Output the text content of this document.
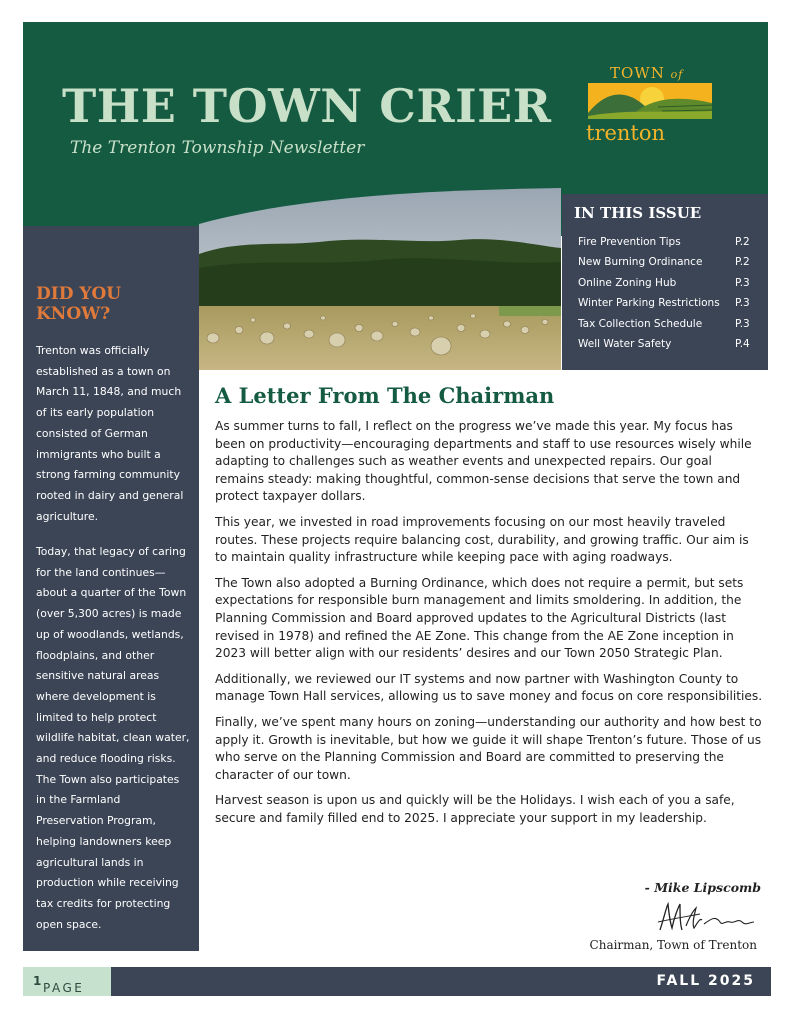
THE TOWN CRIER
The Trenton Township Newsletter
TOWN of
trenton
IN THIS ISSUE
Fire Prevention Tips	P.2
New Burning Ordinance	P.2
Online Zoning Hub	P.3
Winter Parking Restrictions P.3
Tax Collection Schedule	P.3
Well Water Safety	P.4
DID YOU KNOW?

Trenton was officially established as a town on March 11, 1848, and much of its early population consisted of German immigrants who built a strong farming community rooted in dairy and general agriculture.

Today, that legacy of caring for the land continues—about a quarter of the Town (over 5,300 acres) is made up of woodlands, wetlands, floodplains, and other sensitive natural areas where development is limited to help protect wildlife habitat, clean water, and reduce flooding risks. The Town also participates in the Farmland Preservation Program, helping landowners keep agricultural lands in production while receiving tax credits for protecting open space.

A Letter From The Chairman

As summer turns to fall, I reflect on the progress we’ve made this year. My focus has been on productivity—encouraging departments and staff to use resources wisely while adapting to challenges such as weather events and unexpected repairs. Our goal remains steady: making thoughtful, common-sense decisions that serve the town and protect taxpayer dollars.

This year, we invested in road improvements focusing on our most heavily traveled routes. These projects require balancing cost, durability, and growing traffic. Our aim is to maintain quality infrastructure while keeping pace with aging roadways.

The Town also adopted a Burning Ordinance, which does not require a permit, but sets expectations for responsible burn management and limits smoldering. In addition, the Planning Commission and Board approved updates to the Agricultural Districts (last revised in 1978) and refined the AE Zone. This change from the AE Zone inception in 2023 will better align with our residents’ desires and our Town 2050 Strategic Plan.

Additionally, we reviewed our IT systems and now partner with Washington County to manage Town Hall services, allowing us to save money and focus on core responsibilities.

Finally, we’ve spent many hours on zoning—understanding our authority and how best to apply it. Growth is inevitable, but how we guide it will shape Trenton’s future. Those of us who serve on the Planning Commission and Board are committed to preserving the character of our town.

Harvest season is upon us and quickly will be the Holidays. I wish each of you a safe, secure and family filled end to 2025. I appreciate your support in my leadership.

- Mike Lipscomb
Chairman, Town of Trenton
PAGE
1	FALL 2025
